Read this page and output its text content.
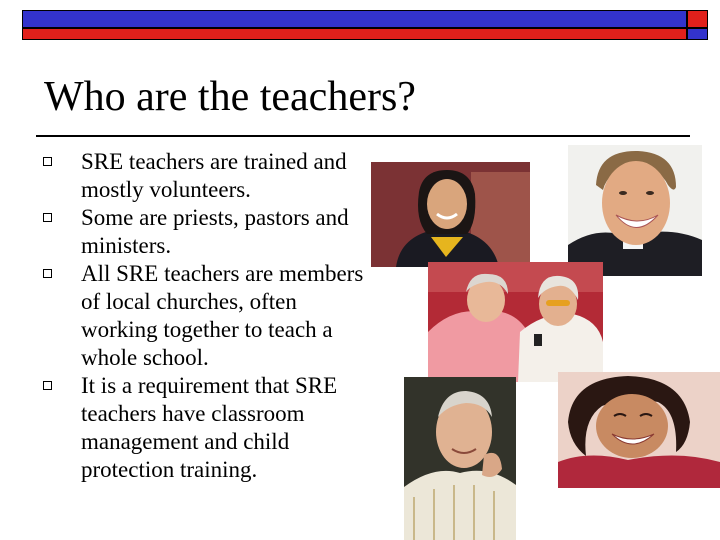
Who are the teachers?
SRE teachers are trained and mostly volunteers.
Some are priests, pastors and ministers.
All SRE teachers are members of local churches, often working together to teach a whole school.
It is a requirement that SRE teachers have classroom management and child protection training.
